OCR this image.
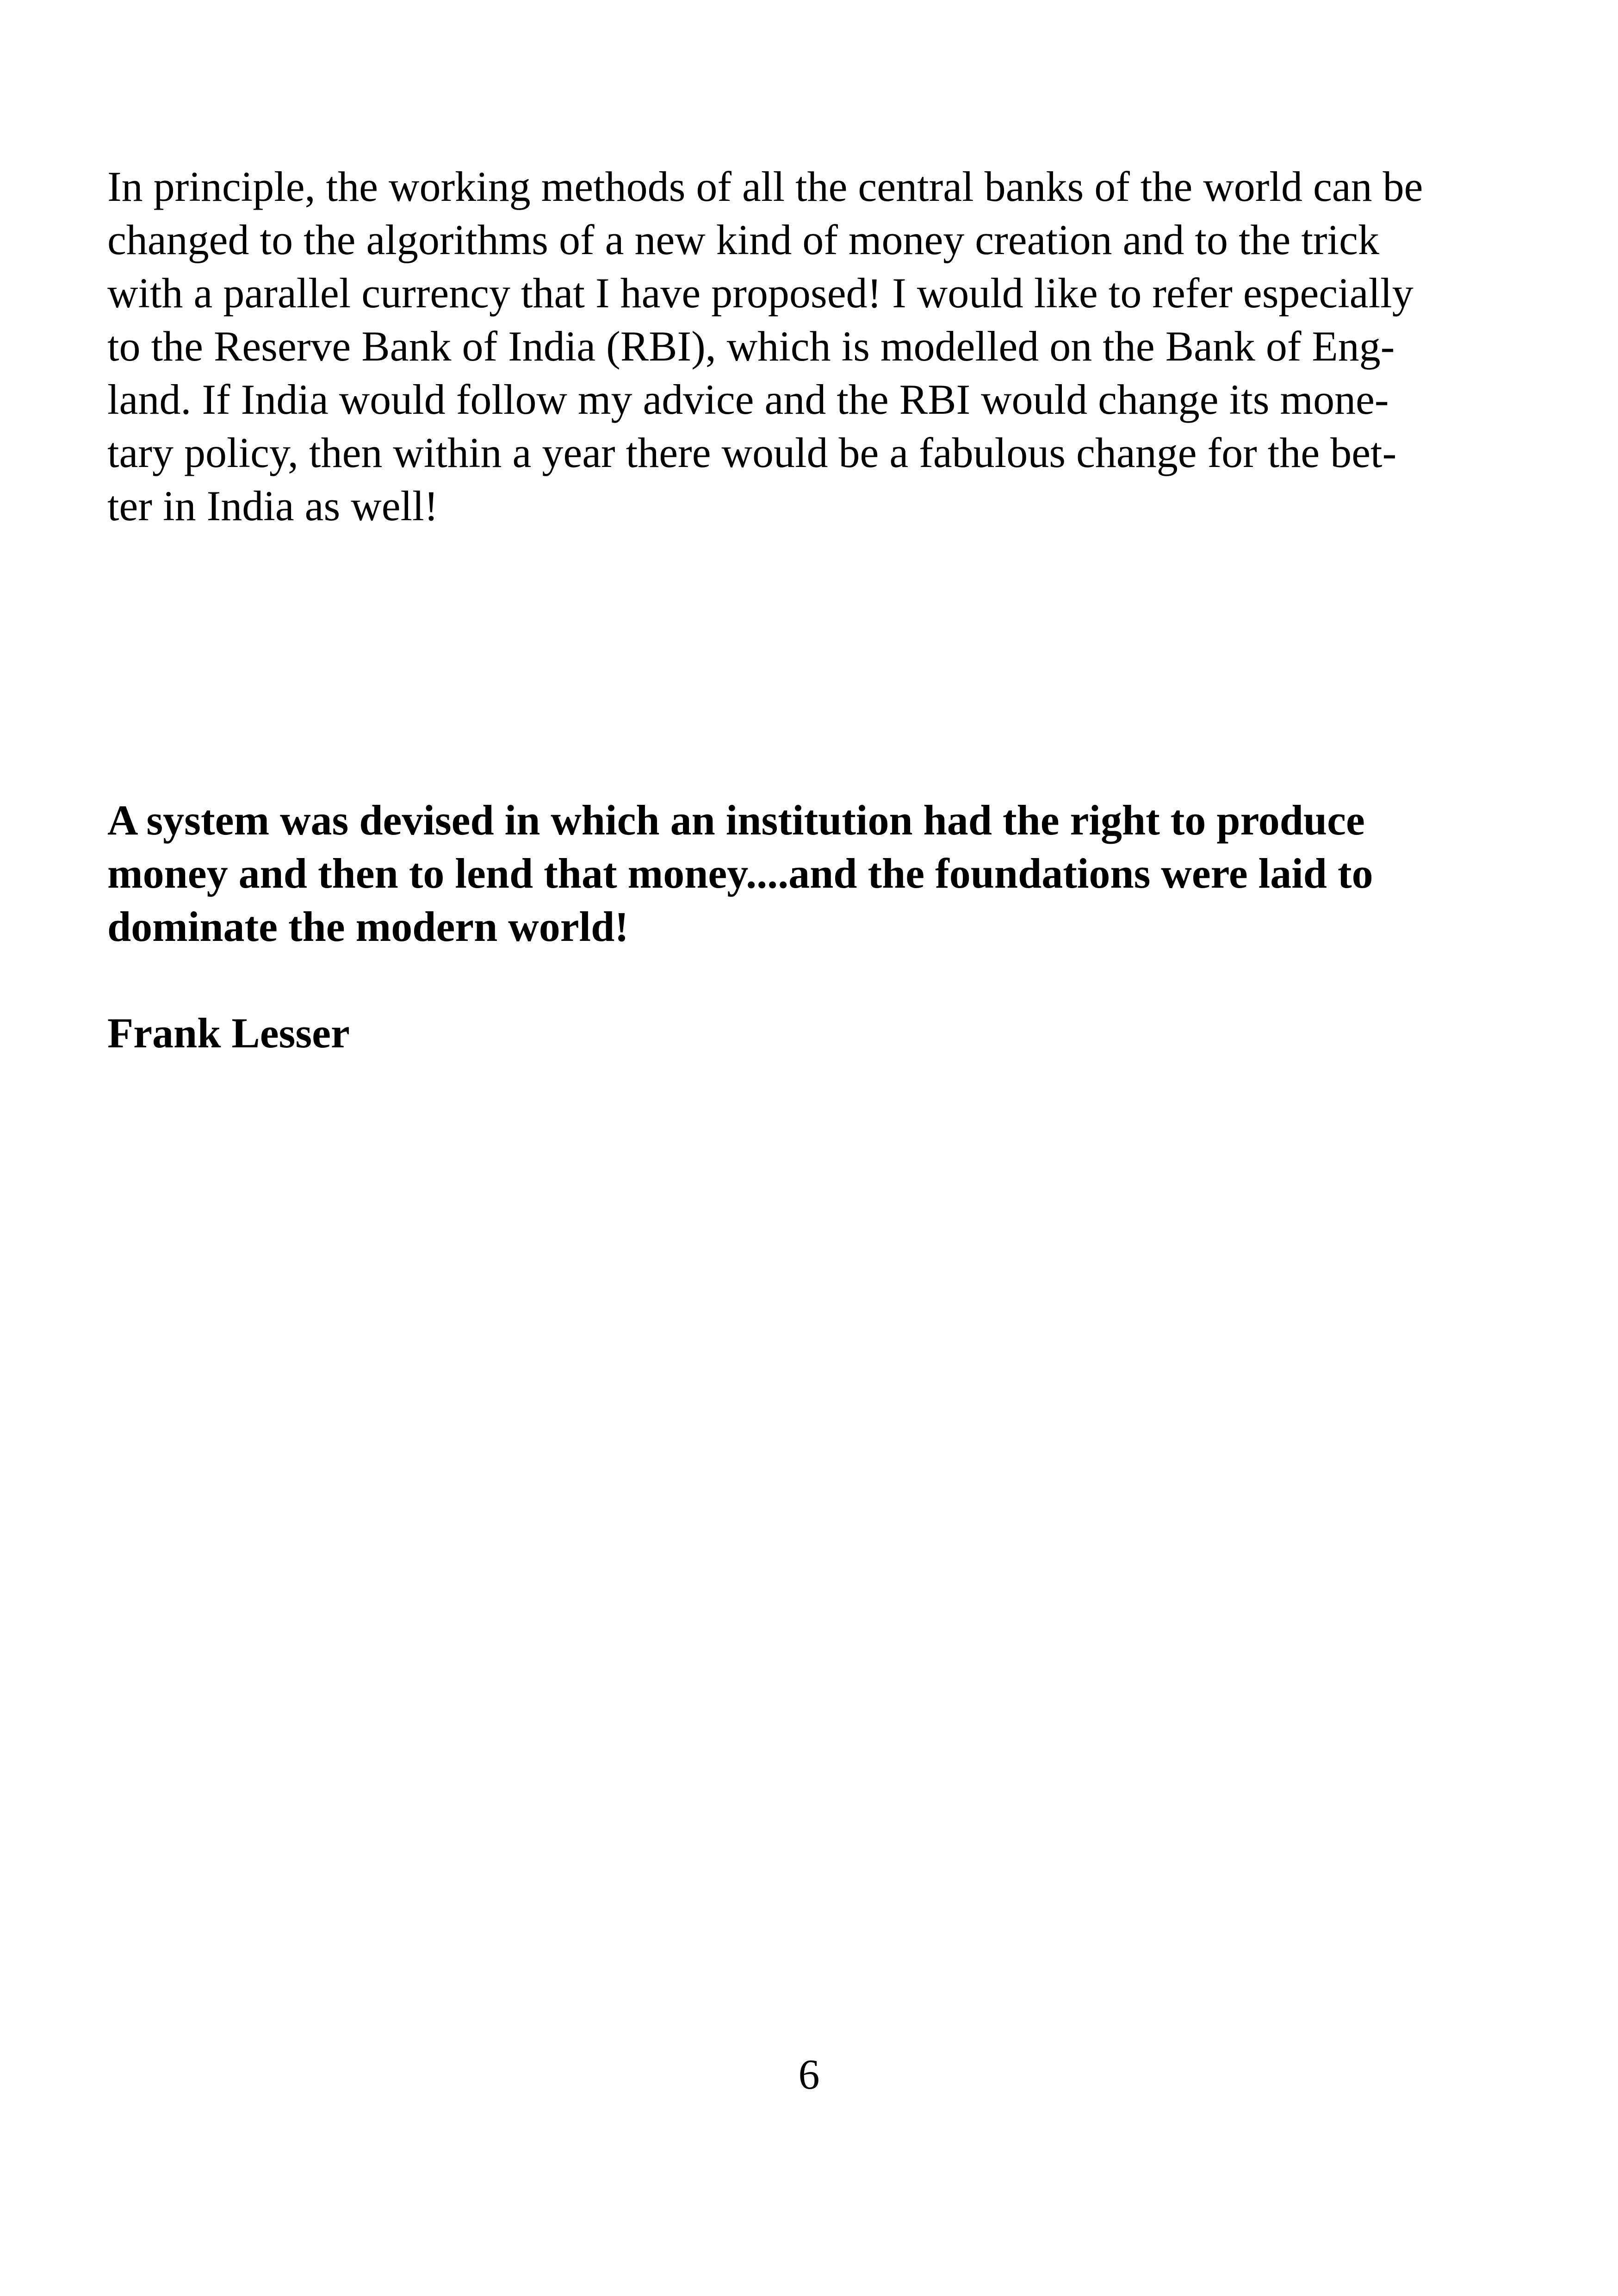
In principle, the working methods of all the central banks of the world can be

changed to the algorithms of a new kind of money creation and to the trick

with a parallel currency that I have proposed! I would like to refer especially

to the Reserve Bank of India (RBI), which is modelled on the Bank of Eng-

land. If India would follow my advice and the RBI would change its mone-

tary policy, then within a year there would be a fabulous change for the bet-

ter in India as well!

A system was devised in which an institution had the right to produce

money and then to lend that money....and the foundations were laid to

dominate the modern world!

Frank Lesser

6
